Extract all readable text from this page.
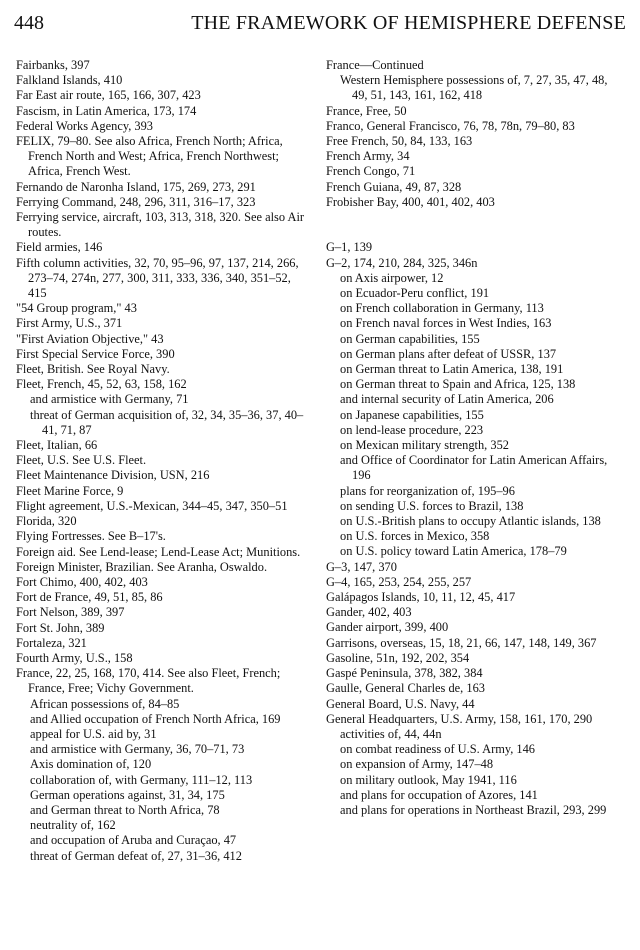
448	THE FRAMEWORK OF HEMISPHERE DEFENSE
Fairbanks, 397
Falkland Islands, 410
Far East air route, 165, 166, 307, 423
Fascism, in Latin America, 173, 174
Federal Works Agency, 393
FELIX, 79–80. See also Africa, French North; Africa, French North and West; Africa, French Northwest; Africa, French West.
Fernando de Naronha Island, 175, 269, 273, 291
Ferrying Command, 248, 296, 311, 316–17, 323
Ferrying service, aircraft, 103, 313, 318, 320. See also Air routes.
Field armies, 146
Fifth column activities, 32, 70, 95–96, 97, 137, 214, 266, 273–74, 274n, 277, 300, 311, 333, 336, 340, 351–52, 415
"54 Group program," 43
First Army, U.S., 371
"First Aviation Objective," 43
First Special Service Force, 390
Fleet, British. See Royal Navy.
Fleet, French, 45, 52, 63, 158, 162
and armistice with Germany, 71
threat of German acquisition of, 32, 34, 35–36, 37, 40–41, 71, 87
Fleet, Italian, 66
Fleet, U.S. See U.S. Fleet.
Fleet Maintenance Division, USN, 216
Fleet Marine Force, 9
Flight agreement, U.S.-Mexican, 344–45, 347, 350–51
Florida, 320
Flying Fortresses. See B–17's.
Foreign aid. See Lend-lease; Lend-Lease Act; Munitions.
Foreign Minister, Brazilian. See Aranha, Oswaldo.
Fort Chimo, 400, 402, 403
Fort de France, 49, 51, 85, 86
Fort Nelson, 389, 397
Fort St. John, 389
Fortaleza, 321
Fourth Army, U.S., 158
France, 22, 25, 168, 170, 414. See also Fleet, French; France, Free; Vichy Government.
African possessions of, 84–85
and Allied occupation of French North Africa, 169
appeal for U.S. aid by, 31
and armistice with Germany, 36, 70–71, 73
Axis domination of, 120
collaboration of, with Germany, 111–12, 113
German operations against, 31, 34, 175
and German threat to North Africa, 78
neutrality of, 162
and occupation of Aruba and Curaçao, 47
threat of German defeat of, 27, 31–36, 412
France—Continued
Western Hemisphere possessions of, 7, 27, 35, 47, 48, 49, 51, 143, 161, 162, 418
France, Free, 50
Franco, General Francisco, 76, 78, 78n, 79–80, 83
Free French, 50, 84, 133, 163
French Army, 34
French Congo, 71
French Guiana, 49, 87, 328
Frobisher Bay, 400, 401, 402, 403
G–1, 139
G–2, 174, 210, 284, 325, 346n
on Axis airpower, 12
on Ecuador-Peru conflict, 191
on French collaboration in Germany, 113
on French naval forces in West Indies, 163
on German capabilities, 155
on German plans after defeat of USSR, 137
on German threat to Latin America, 138, 191
on German threat to Spain and Africa, 125, 138
and internal security of Latin America, 206
on Japanese capabilities, 155
on lend-lease procedure, 223
on Mexican military strength, 352
and Office of Coordinator for Latin American Affairs, 196
plans for reorganization of, 195–96
on sending U.S. forces to Brazil, 138
on U.S.-British plans to occupy Atlantic islands, 138
on U.S. forces in Mexico, 358
on U.S. policy toward Latin America, 178–79
G–3, 147, 370
G–4, 165, 253, 254, 255, 257
Galápagos Islands, 10, 11, 12, 45, 417
Gander, 402, 403
Gander airport, 399, 400
Garrisons, overseas, 15, 18, 21, 66, 147, 148, 149, 367
Gasoline, 51n, 192, 202, 354
Gaspé Peninsula, 378, 382, 384
Gaulle, General Charles de, 163
General Board, U.S. Navy, 44
General Headquarters, U.S. Army, 158, 161, 170, 290
activities of, 44, 44n
on combat readiness of U.S. Army, 146
on expansion of Army, 147–48
on military outlook, May 1941, 116
and plans for occupation of Azores, 141
and plans for operations in Northeast Brazil, 293, 299
